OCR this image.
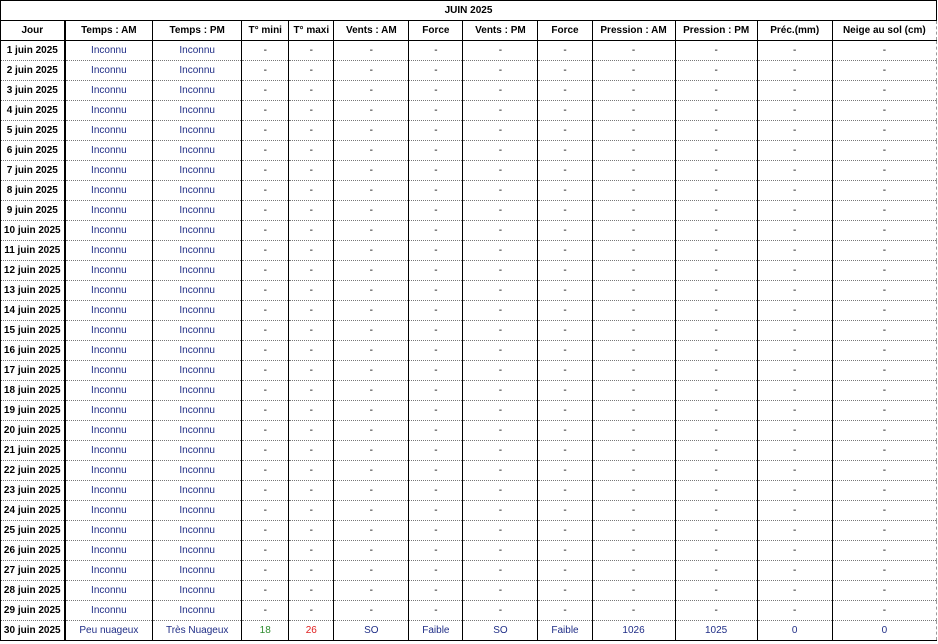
JUIN 2025												
Jour	Temps : AM	Temps : PM	T° mini	T° maxi	Vents : AM	Force	Vents : PM	Force	Pression : AM	Pression : PM	Préc.(mm)	Neige au sol (cm)
1 juin 2025	Inconnu	Inconnu	-	-	-	-	-	-	-	-	-	-
2 juin 2025	Inconnu	Inconnu	-	-	-	-	-	-	-	-	-	-
3 juin 2025	Inconnu	Inconnu	-	-	-	-	-	-	-	-	-	-
4 juin 2025	Inconnu	Inconnu	-	-	-	-	-	-	-	-	-	-
5 juin 2025	Inconnu	Inconnu	-	-	-	-	-	-	-	-	-	-
6 juin 2025	Inconnu	Inconnu	-	-	-	-	-	-	-	-	-	-
7 juin 2025	Inconnu	Inconnu	-	-	-	-	-	-	-	-	-	-
8 juin 2025	Inconnu	Inconnu	-	-	-	-	-	-	-	-	-	-
9 juin 2025	Inconnu	Inconnu	-	-	-	-	-	-	-	-	-	-
10 juin 2025	Inconnu	Inconnu	-	-	-	-	-	-	-	-	-	-
11 juin 2025	Inconnu	Inconnu	-	-	-	-	-	-	-	-	-	-
12 juin 2025	Inconnu	Inconnu	-	-	-	-	-	-	-	-	-	-
13 juin 2025	Inconnu	Inconnu	-	-	-	-	-	-	-	-	-	-
14 juin 2025	Inconnu	Inconnu	-	-	-	-	-	-	-	-	-	-
15 juin 2025	Inconnu	Inconnu	-	-	-	-	-	-	-	-	-	-
16 juin 2025	Inconnu	Inconnu	-	-	-	-	-	-	-	-	-	-
17 juin 2025	Inconnu	Inconnu	-	-	-	-	-	-	-	-	-	-
18 juin 2025	Inconnu	Inconnu	-	-	-	-	-	-	-	-	-	-
19 juin 2025	Inconnu	Inconnu	-	-	-	-	-	-	-	-	-	-
20 juin 2025	Inconnu	Inconnu	-	-	-	-	-	-	-	-	-	-
21 juin 2025	Inconnu	Inconnu	-	-	-	-	-	-	-	-	-	-
22 juin 2025	Inconnu	Inconnu	-	-	-	-	-	-	-	-	-	-
23 juin 2025	Inconnu	Inconnu	-	-	-	-	-	-	-	-	-	-
24 juin 2025	Inconnu	Inconnu	-	-	-	-	-	-	-	-	-	-
25 juin 2025	Inconnu	Inconnu	-	-	-	-	-	-	-	-	-	-
26 juin 2025	Inconnu	Inconnu	-	-	-	-	-	-	-	-	-	-
27 juin 2025	Inconnu	Inconnu	-	-	-	-	-	-	-	-	-	-
28 juin 2025	Inconnu	Inconnu	-	-	-	-	-	-	-	-	-	-
29 juin 2025	Inconnu	Inconnu	-	-	-	-	-	-	-	-	-	-
30 juin 2025	Peu nuageux	Très Nuageux	18	26	SO	Faible	SO	Faible	1026	1025	0	0
